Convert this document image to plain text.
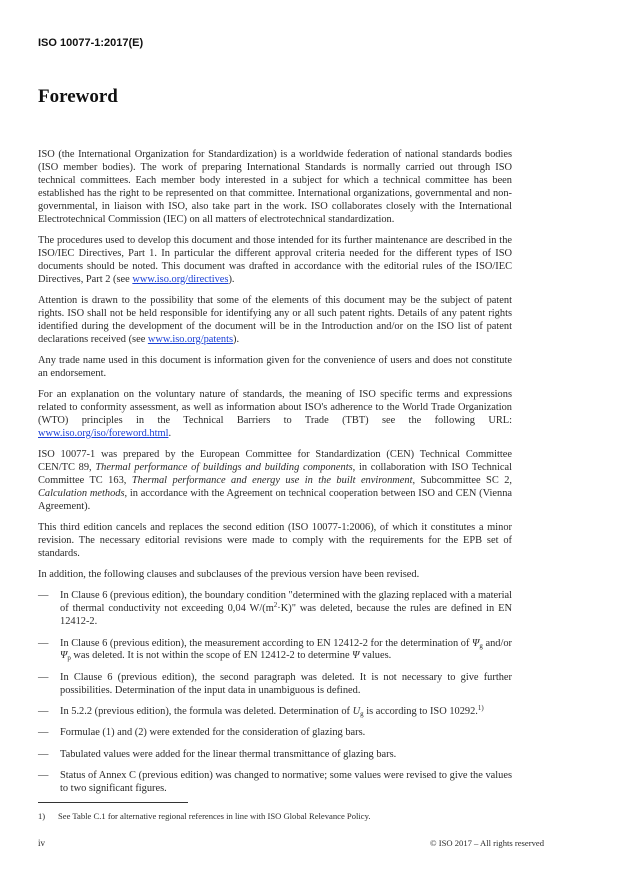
ISO 10077-1:2017(E)
Foreword

ISO (the International Organization for Standardization) is a worldwide federation of national standards bodies (ISO member bodies). The work of preparing International Standards is normally carried out through ISO technical committees. Each member body interested in a subject for which a technical committee has been established has the right to be represented on that committee. International organizations, governmental and non-governmental, in liaison with ISO, also take part in the work. ISO collaborates closely with the International Electrotechnical Commission (IEC) on all matters of electrotechnical standardization.

The procedures used to develop this document and those intended for its further maintenance are described in the ISO/IEC Directives, Part 1. In particular the different approval criteria needed for the different types of ISO documents should be noted. This document was drafted in accordance with the editorial rules of the ISO/IEC Directives, Part 2 (see www.iso.org/directives).

Attention is drawn to the possibility that some of the elements of this document may be the subject of patent rights. ISO shall not be held responsible for identifying any or all such patent rights. Details of any patent rights identified during the development of the document will be in the Introduction and/or on the ISO list of patent declarations received (see www.iso.org/patents).

Any trade name used in this document is information given for the convenience of users and does not constitute an endorsement.

For an explanation on the voluntary nature of standards, the meaning of ISO specific terms and expressions related to conformity assessment, as well as information about ISO's adherence to the World Trade Organization (WTO) principles in the Technical Barriers to Trade (TBT) see the following URL: www.iso.org/iso/foreword.html.

ISO 10077-1 was prepared by the European Committee for Standardization (CEN) Technical Committee CEN/TC 89, Thermal performance of buildings and building components, in collaboration with ISO Technical Committee TC 163, Thermal performance and energy use in the built environment, Subcommittee SC 2, Calculation methods, in accordance with the Agreement on technical cooperation between ISO and CEN (Vienna Agreement).

This third edition cancels and replaces the second edition (ISO 10077-1:2006), of which it constitutes a minor revision. The necessary editorial revisions were made to comply with the requirements for the EPB set of standards.

In addition, the following clauses and subclauses of the previous version have been revised.

—	In Clause 6 (previous edition), the boundary condition "determined with the glazing replaced with a material of thermal conductivity not exceeding 0,04 $W/(m^2\cdot K)$" was deleted, because the rules are defined in EN 12412-2.
—	In Clause 6 (previous edition), the measurement according to EN 12412-2 for the determination of $\Psi_g$ and/or $\Psi_p$ was deleted. It is not within the scope of EN 12412-2 to determine Ψ values.
—	In Clause 6 (previous edition), the second paragraph was deleted. It is not necessary to give further possibilities. Determination of the input data in unambiguous is defined.
—	In 5.2.2 (previous edition), the formula was deleted. Determination of $U_g$ is according to ISO 10292.$^{1)}$
—	Formulae (1) and (2) were extended for the consideration of glazing bars.
—	Tabulated values were added for the linear thermal transmittance of glazing bars.
—	Status of Annex C (previous edition) was changed to normative; some values were revised to give the values to two significant figures.
1) See Table C.1 for alternative regional references in line with ISO Global Relevance Policy.
iv	© ISO 2017 – All rights reserved
